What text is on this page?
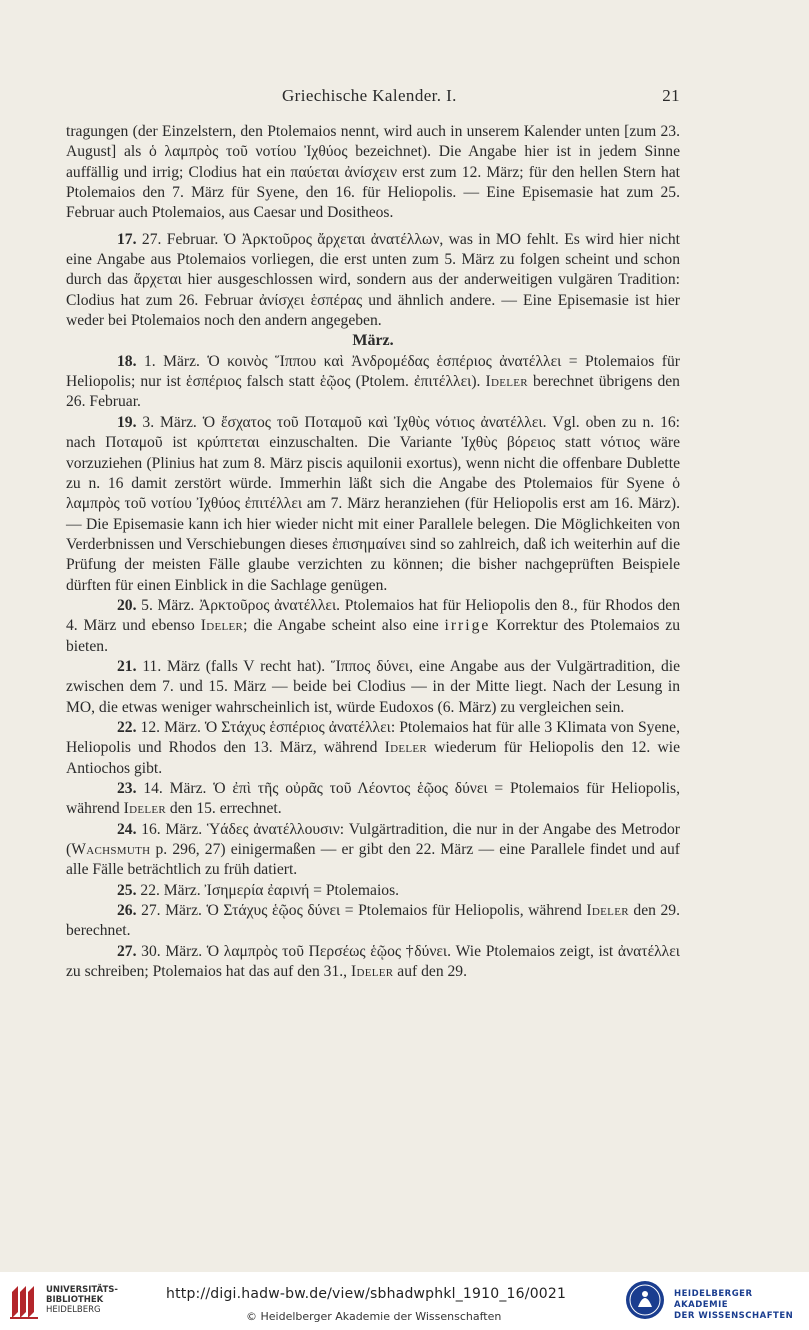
Griechische Kalender. I.	21

tragungen (der Einzelstern, den Ptolemaios nennt, wird auch in unserem Kalender unten [zum 23. August] als ὁ λαμπρὸς τοῦ νοτίου Ἰχθύος bezeichnet). Die Angabe hier ist in jedem Sinne auffällig und irrig; Clodius hat ein παύεται ἀνίσχειν erst zum 12. März; für den hellen Stern hat Ptolemaios den 7. März für Syene, den 16. für Heliopolis. — Eine Episemasie hat zum 25. Februar auch Ptolemaios, aus Caesar und Dositheos.

17. 27. Februar. Ὁ Ἀρκτοῦρος ἄρχεται ἀνατέλλων, was in MO fehlt. Es wird hier nicht eine Angabe aus Ptolemaios vorliegen, die erst unten zum 5. März zu folgen scheint und schon durch das ἄρχεται hier ausgeschlossen wird, sondern aus der anderweitigen vulgären Tradition: Clodius hat zum 26. Februar ἀνίσχει ἑσπέρας und ähnlich andere. — Eine Episemasie ist hier weder bei Ptolemaios noch den andern angegeben.

März.

18. 1. März. Ὁ κοινὸς Ἵππου καὶ Ἀνδρομέδας ἑσπέριος ἀνατέλλει = Ptolemaios für Heliopolis; nur ist ἑσπέριος falsch statt ἑῷος (Ptolem. ἐπιτέλλει). Ideler berechnet übrigens den 26. Februar.

19. 3. März. Ὁ ἔσχατος τοῦ Ποταμοῦ καὶ Ἰχθὺς νότιος ἀνατέλλει. Vgl. oben zu n. 16: nach Ποταμοῦ ist κρύπτεται einzuschalten. Die Variante Ἰχθὺς βόρειος statt νότιος wäre vorzuziehen (Plinius hat zum 8. März piscis aquilonii exortus), wenn nicht die offenbare Dublette zu n. 16 damit zerstört würde. Immerhin läßt sich die Angabe des Ptolemaios für Syene ὁ λαμπρὸς τοῦ νοτίου Ἰχθύος ἐπιτέλλει am 7. März heranziehen (für Heliopolis erst am 16. März). — Die Episemasie kann ich hier wieder nicht mit einer Parallele belegen. Die Möglichkeiten von Verderbnissen und Verschiebungen dieses ἐπισημαίνει sind so zahlreich, daß ich weiterhin auf die Prüfung der meisten Fälle glaube verzichten zu können; die bisher nachgeprüften Beispiele dürften für einen Einblick in die Sachlage genügen.

20. 5. März. Ἀρκτοῦρος ἀνατέλλει. Ptolemaios hat für Heliopolis den 8., für Rhodos den 4. März und ebenso Ideler; die Angabe scheint also eine irrige Korrektur des Ptolemaios zu bieten.

21. 11. März (falls V recht hat). Ἵππος δύνει, eine Angabe aus der Vulgärtradition, die zwischen dem 7. und 15. März — beide bei Clodius — in der Mitte liegt. Nach der Lesung in MO, die etwas weniger wahrscheinlich ist, würde Eudoxos (6. März) zu vergleichen sein.

22. 12. März. Ὁ Στάχυς ἑσπέριος ἀνατέλλει: Ptolemaios hat für alle 3 Klimata von Syene, Heliopolis und Rhodos den 13. März, während Ideler wiederum für Heliopolis den 12. wie Antiochos gibt.

23. 14. März. Ὁ ἐπὶ τῆς οὐρᾶς τοῦ Λέοντος ἑῷος δύνει = Ptolemaios für Heliopolis, während Ideler den 15. errechnet.

24. 16. März. Ὑάδες ἀνατέλλουσιν: Vulgärtradition, die nur in der Angabe des Metrodor (Wachsmuth p. 296, 27) einigermaßen — er gibt den 22. März — eine Parallele findet und auf alle Fälle beträchtlich zu früh datiert.

25. 22. März. Ἰσημερία ἐαρινή = Ptolemaios.

26. 27. März. Ὁ Στάχυς ἑῷος δύνει = Ptolemaios für Heliopolis, während Ideler den 29. berechnet.

27. 30. März. Ὁ λαμπρὸς τοῦ Περσέως ἑῷος †δύνει. Wie Ptolemaios zeigt, ist ἀνατέλλει zu schreiben; Ptolemaios hat das auf den 31., Ideler auf den 29.

UNIVERSITÄTS-
BIBLIOTHEK
HEIDELBERG
http://digi.hadw-bw.de/view/sbhadwphkl_1910_16/0021
© Heidelberger Akademie der Wissenschaften
HEIDELBERGER AKADEMIE
DER WISSENSCHAFTEN
